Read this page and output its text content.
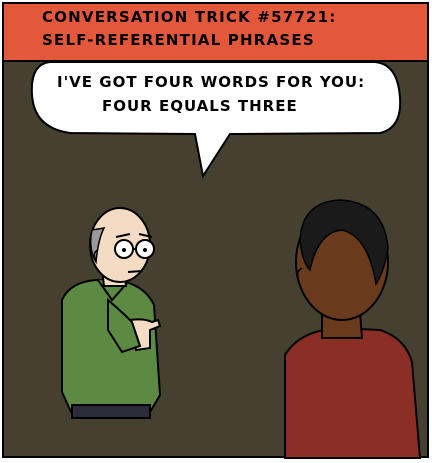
CONVERSATION TRICK #57721:
SELF-REFERENTIAL PHRASES
I'VE GOT FOUR WORDS FOR YOU:
FOUR EQUALS THREE
